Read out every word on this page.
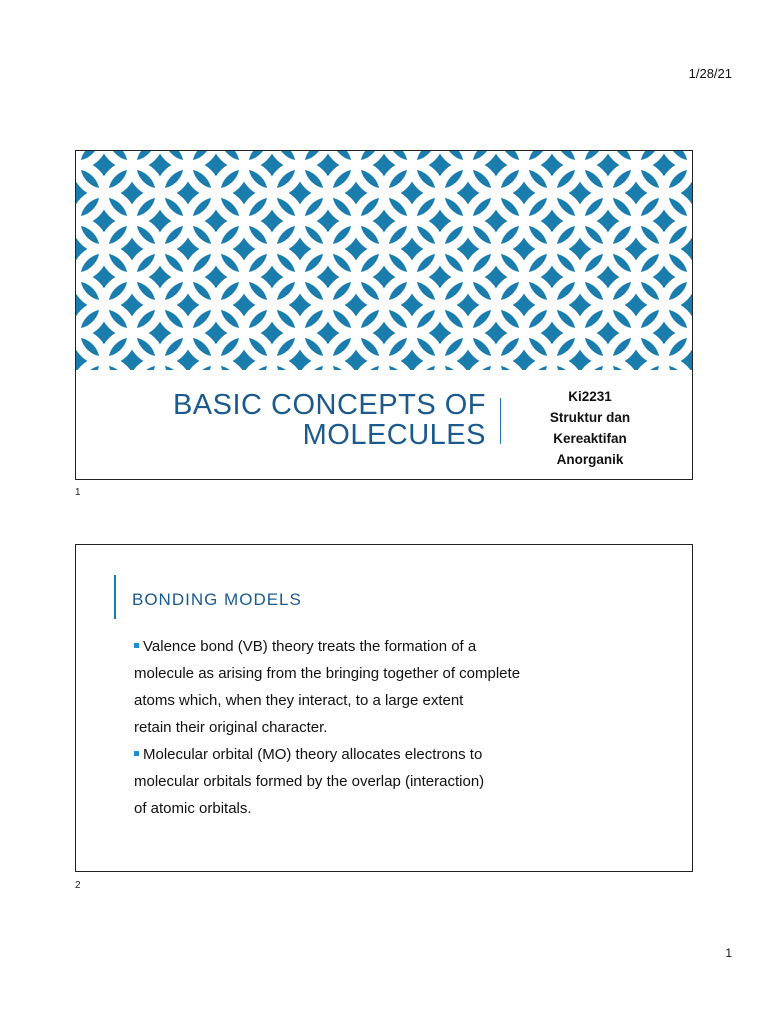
1/28/21
BASIC CONCEPTS OF
MOLECULES
Ki2231
Struktur dan
Kereaktifan
Anorganik
1
BONDING MODELS
Valence bond (VB) theory treats the formation of a
molecule as arising from the bringing together of complete
atoms which, when they interact, to a large extent
retain their original character.
Molecular orbital (MO) theory allocates electrons to
molecular orbitals formed by the overlap (interaction)
of atomic orbitals.
2
1
